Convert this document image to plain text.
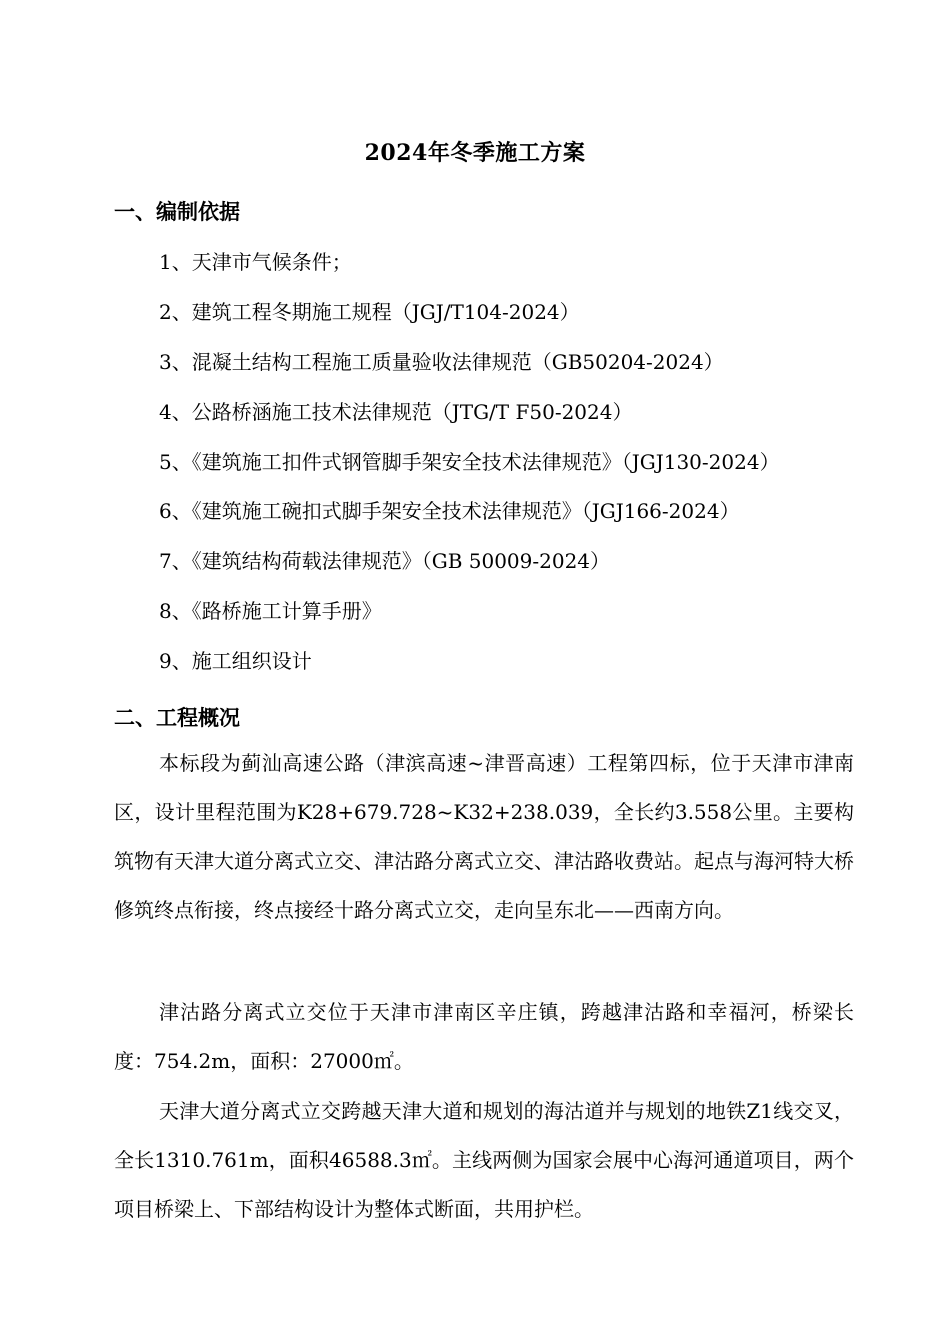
2024年冬季施工方案
一、编制依据
1、天津市气候条件；
2、建筑工程冬期施工规程（JGJ/T104-2024）
3、混凝土结构工程施工质量验收法律规范（GB50204-2024）
4、公路桥涵施工技术法律规范（JTG/T F50-2024）
5、《建筑施工扣件式钢管脚手架安全技术法律规范》（JGJ130-2024）
6、《建筑施工碗扣式脚手架安全技术法律规范》（JGJ166-2024）
7、《建筑结构荷载法律规范》（GB 50009-2024）
8、《路桥施工计算手册》
9、施工组织设计
二、工程概况
本标段为蓟汕高速公路（津滨高速~津晋高速）工程第四标，位于天津市津南区，设计里程范围为K28+679.728~K32+238.039，全长约3.558公里。主要构筑物有天津大道分离式立交、津沽路分离式立交、津沽路收费站。起点与海河特大桥修筑终点衔接，终点接经十路分离式立交，走向呈东北——西南方向。
津沽路分离式立交位于天津市津南区辛庄镇，跨越津沽路和幸福河，桥梁长度：754.2m，面积：27000㎡。
天津大道分离式立交跨越天津大道和规划的海沽道并与规划的地铁Z1线交叉，全长1310.761m，面积46588.3㎡。主线两侧为国家会展中心海河通道项目，两个项目桥梁上、下部结构设计为整体式断面，共用护栏。
